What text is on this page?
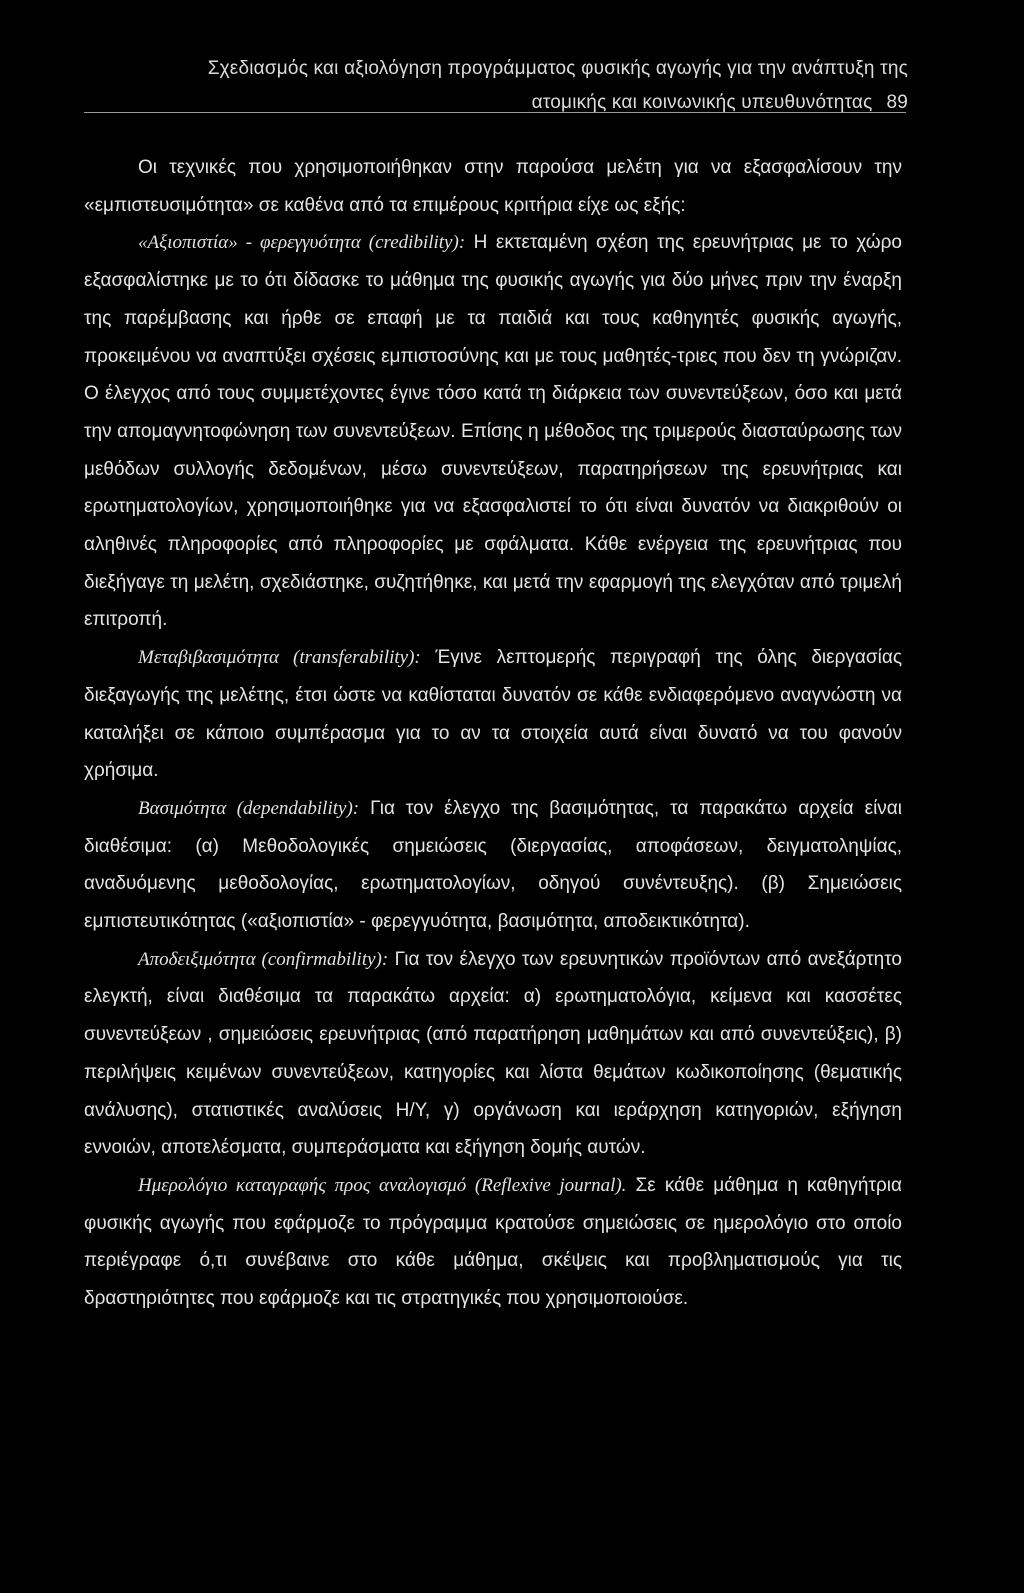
Σχεδιασμός και αξιολόγηση προγράμματος φυσικής αγωγής για την ανάπτυξη της
ατομικής και κοινωνικής υπευθυνότητας 89

Οι τεχνικές που χρησιμοποιήθηκαν στην παρούσα μελέτη για να εξασφαλίσουν την «εμπιστευσιμότητα» σε καθένα από τα επιμέρους κριτήρια είχε ως εξής:

«Αξιοπιστία» - φερεγγυότητα (credibility): Η εκτεταμένη σχέση της ερευνήτριας με το χώρο εξασφαλίστηκε με το ότι δίδασκε το μάθημα της φυσικής αγωγής για δύο μήνες πριν την έναρξη της παρέμβασης και ήρθε σε επαφή με τα παιδιά και τους καθηγητές φυσικής αγωγής, προκειμένου να αναπτύξει σχέσεις εμπιστοσύνης και με τους μαθητές-τριες που δεν τη γνώριζαν. Ο έλεγχος από τους συμμετέχοντες έγινε τόσο κατά τη διάρκεια των συνεντεύξεων, όσο και μετά την απομαγνητοφώνηση των συνεντεύξεων. Επίσης η μέθοδος της τριμερούς διασταύρωσης των μεθόδων συλλογής δεδομένων, μέσω συνεντεύξεων, παρατηρήσεων της ερευνήτριας και ερωτηματολογίων, χρησιμοποιήθηκε για να εξασφαλιστεί το ότι είναι δυνατόν να διακριθούν οι αληθινές πληροφορίες από πληροφορίες με σφάλματα. Κάθε ενέργεια της ερευνήτριας που διεξήγαγε τη μελέτη, σχεδιάστηκε, συζητήθηκε, και μετά την εφαρμογή της ελεγχόταν από τριμελή επιτροπή.

Μεταβιβασιμότητα (transferability): Έγινε λεπτομερής περιγραφή της όλης διεργασίας διεξαγωγής της μελέτης, έτσι ώστε να καθίσταται δυνατόν σε κάθε ενδιαφερόμενο αναγνώστη να καταλήξει σε κάποιο συμπέρασμα για το αν τα στοιχεία αυτά είναι δυνατό να του φανούν χρήσιμα.

Βασιμότητα (dependability): Για τον έλεγχο της βασιμότητας, τα παρακάτω αρχεία είναι διαθέσιμα: (α) Μεθοδολογικές σημειώσεις (διεργασίας, αποφάσεων, δειγματοληψίας, αναδυόμενης μεθοδολογίας, ερωτηματολογίων, οδηγού συνέντευξης). (β) Σημειώσεις εμπιστευτικότητας («αξιοπιστία» - φερεγγυότητα, βασιμότητα, αποδεικτικότητα).

Αποδειξιμότητα (confirmability): Για τον έλεγχο των ερευνητικών προϊόντων από ανεξάρτητο ελεγκτή, είναι διαθέσιμα τα παρακάτω αρχεία: α) ερωτηματολόγια, κείμενα και κασσέτες συνεντεύξεων , σημειώσεις ερευνήτριας (από παρατήρηση μαθημάτων και από συνεντεύξεις), β) περιλήψεις κειμένων συνεντεύξεων, κατηγορίες και λίστα θεμάτων κωδικοποίησης (θεματικής ανάλυσης), στατιστικές αναλύσεις Η/Υ, γ) οργάνωση και ιεράρχηση κατηγοριών, εξήγηση εννοιών, αποτελέσματα, συμπεράσματα και εξήγηση δομής αυτών.

Ημερολόγιο καταγραφής προς αναλογισμό (Reflexive journal). Σε κάθε μάθημα η καθηγήτρια φυσικής αγωγής που εφάρμοζε το πρόγραμμα κρατούσε σημειώσεις σε ημερολόγιο στο οποίο περιέγραφε ό,τι συνέβαινε στο κάθε μάθημα, σκέψεις και προβληματισμούς για τις δραστηριότητες που εφάρμοζε και τις στρατηγικές που χρησιμοποιούσε.
